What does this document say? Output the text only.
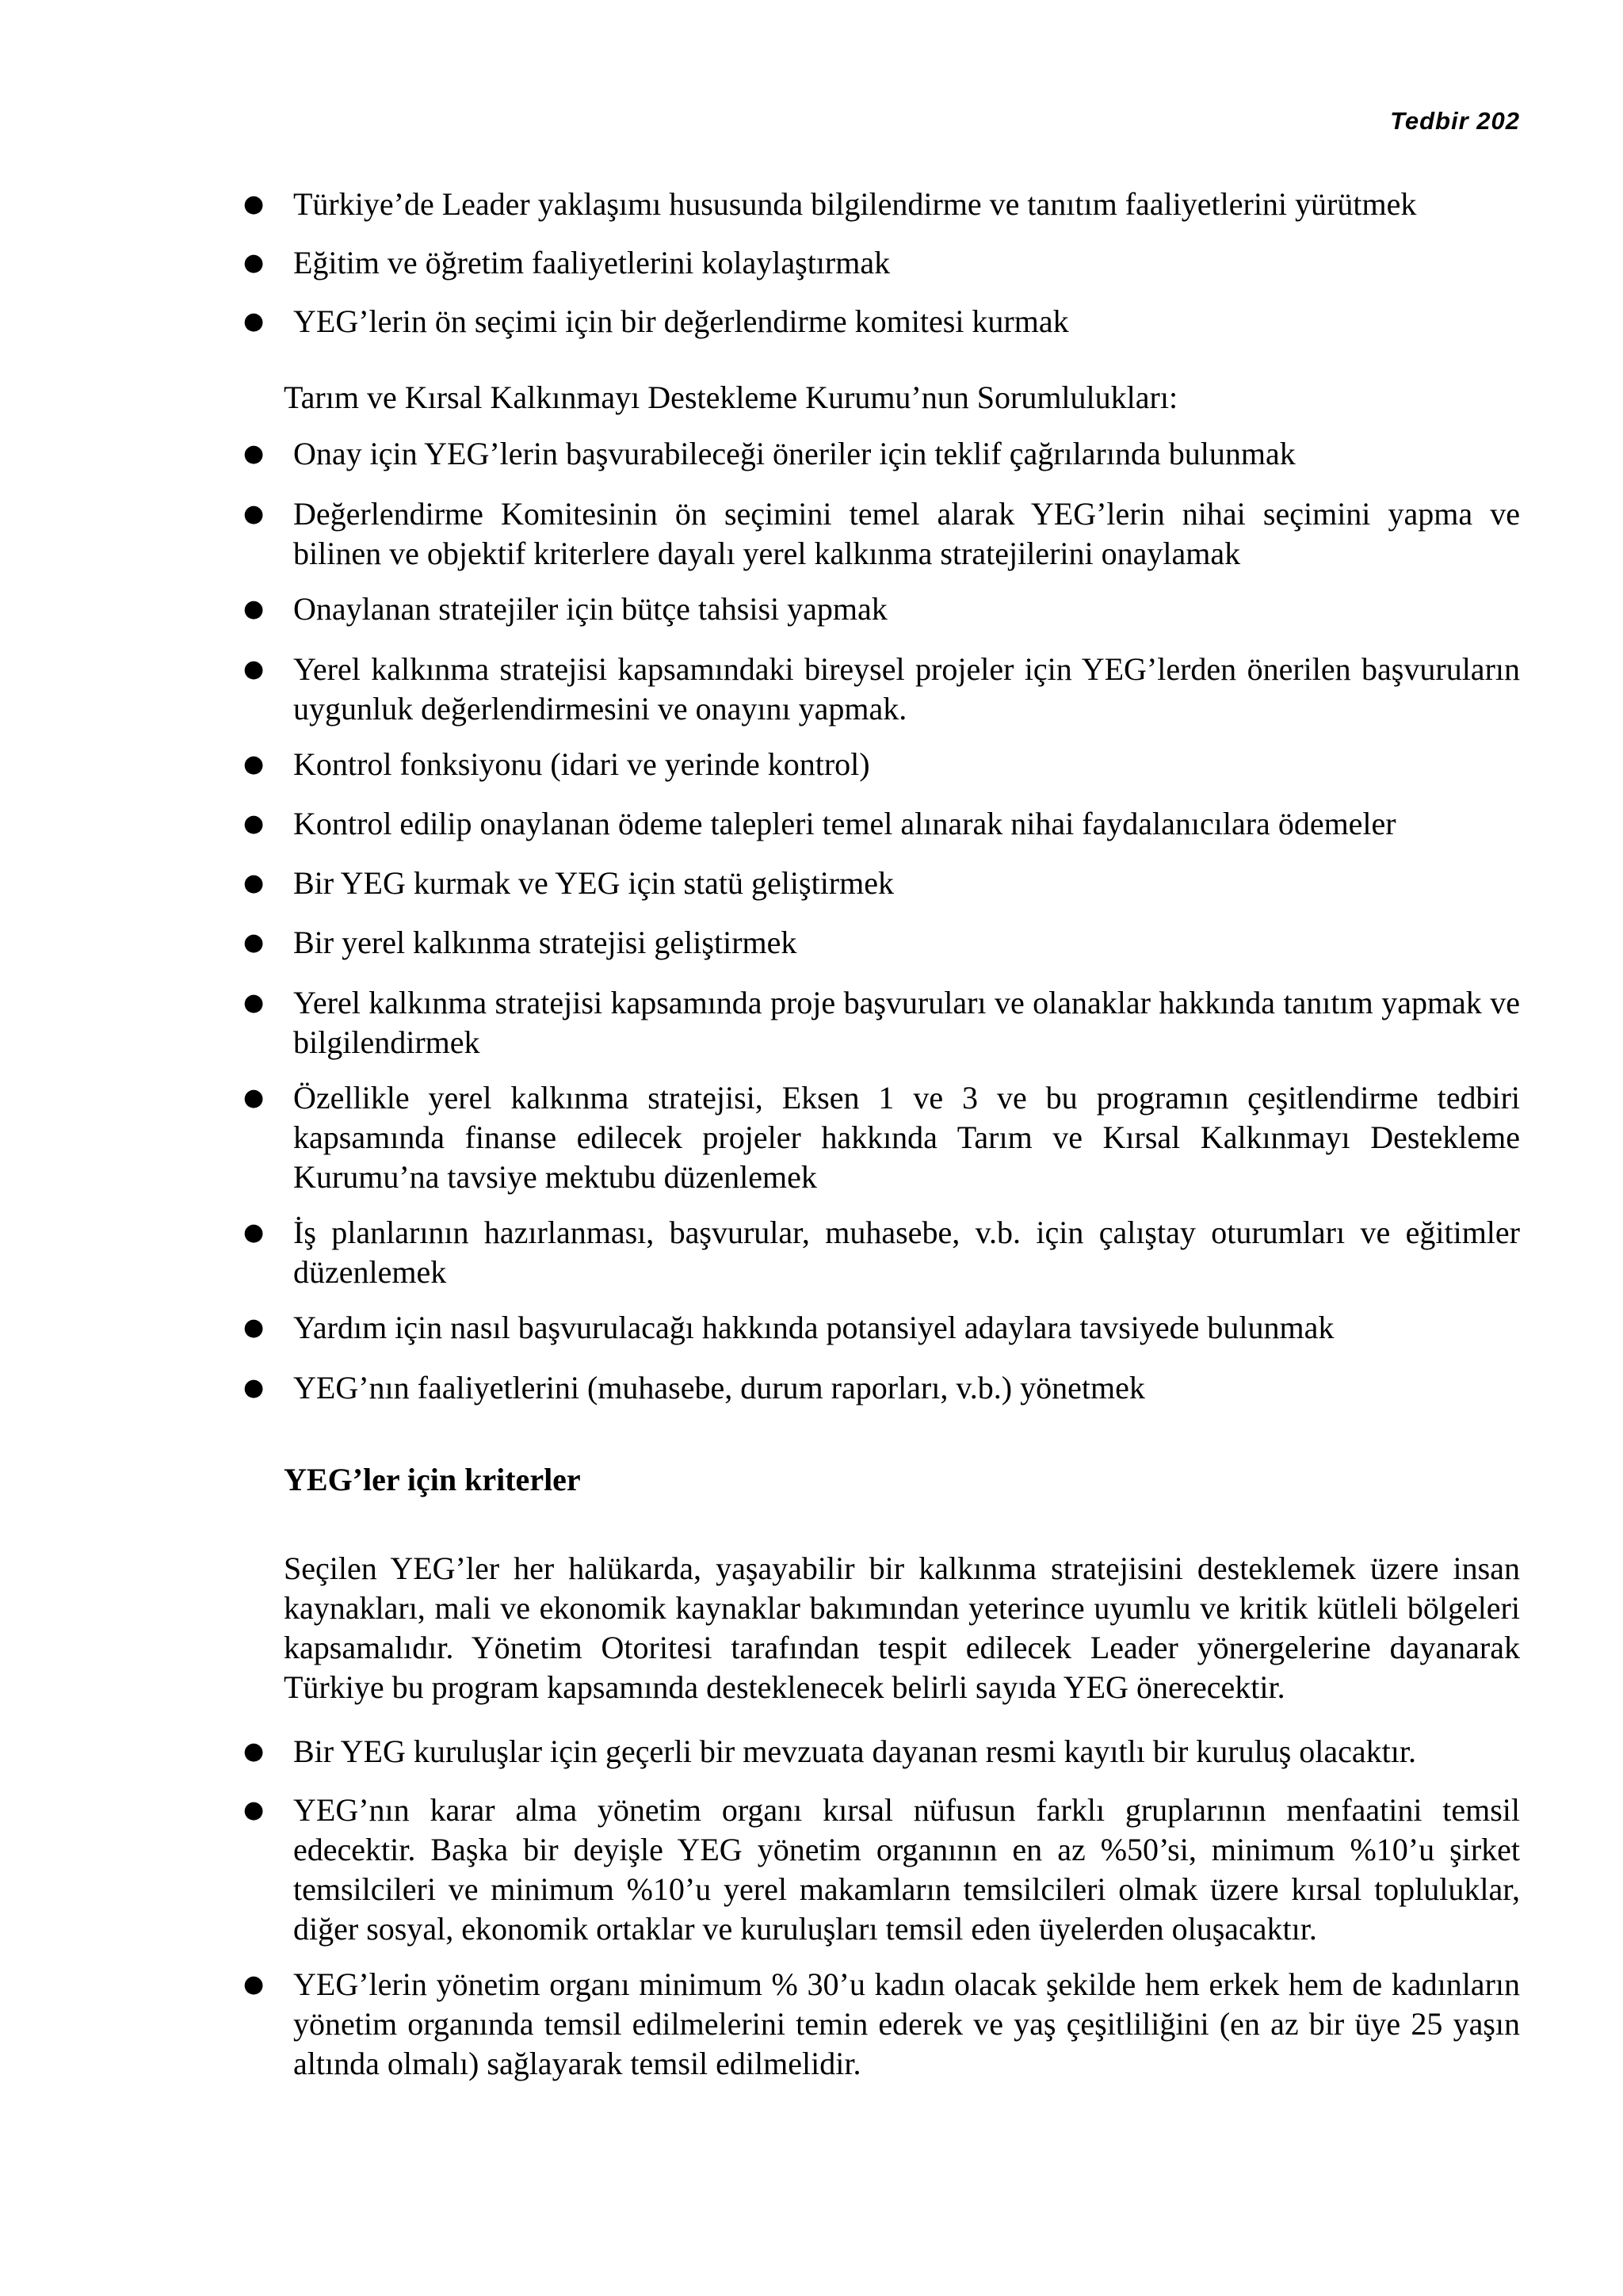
Tedbir 202
● Türkiye’de Leader yaklaşımı hususunda bilgilendirme ve tanıtım faaliyetlerini yürütmek
● Eğitim ve öğretim faaliyetlerini kolaylaştırmak
● YEG’lerin ön seçimi için bir değerlendirme komitesi kurmak

Tarım ve Kırsal Kalkınmayı Destekleme Kurumu’nun Sorumlulukları:

● Onay için YEG’lerin başvurabileceği öneriler için teklif çağrılarında bulunmak
● Değerlendirme Komitesinin ön seçimini temel alarak YEG’lerin nihai seçimini yapma ve bilinen ve objektif kriterlere dayalı yerel kalkınma stratejilerini onaylamak
● Onaylanan stratejiler için bütçe tahsisi yapmak
● Yerel kalkınma stratejisi kapsamındaki bireysel projeler için YEG’lerden önerilen başvuruların uygunluk değerlendirmesini ve onayını yapmak.
● Kontrol fonksiyonu (idari ve yerinde kontrol)
● Kontrol edilip onaylanan ödeme talepleri temel alınarak nihai faydalanıcılara ödemeler
● Bir YEG kurmak ve YEG için statü geliştirmek
● Bir yerel kalkınma stratejisi geliştirmek
● Yerel kalkınma stratejisi kapsamında proje başvuruları ve olanaklar hakkında tanıtım yapmak ve bilgilendirmek
● Özellikle yerel kalkınma stratejisi, Eksen 1 ve 3 ve bu programın çeşitlendirme tedbiri kapsamında finanse edilecek projeler hakkında Tarım ve Kırsal Kalkınmayı Destekleme Kurumu’na tavsiye mektubu düzenlemek
● İş planlarının hazırlanması, başvurular, muhasebe, v.b. için çalıştay oturumları ve eğitimler düzenlemek
● Yardım için nasıl başvurulacağı hakkında potansiyel adaylara tavsiyede bulunmak
● YEG’nın faaliyetlerini (muhasebe, durum raporları, v.b.) yönetmek

YEG’ler için kriterler

Seçilen YEG’ler her halükarda, yaşayabilir bir kalkınma stratejisini desteklemek üzere insan kaynakları, mali ve ekonomik kaynaklar bakımından yeterince uyumlu ve kritik kütleli bölgeleri kapsamalıdır. Yönetim Otoritesi tarafından tespit edilecek Leader yönergelerine dayanarak Türkiye bu program kapsamında desteklenecek belirli sayıda YEG önerecektir.

● Bir YEG kuruluşlar için geçerli bir mevzuata dayanan resmi kayıtlı bir kuruluş olacaktır.
● YEG’nın karar alma yönetim organı kırsal nüfusun farklı gruplarının menfaatini temsil edecektir. Başka bir deyişle YEG yönetim organının en az %50’si, minimum %10’u şirket temsilcileri ve minimum %10’u yerel makamların temsilcileri olmak üzere kırsal topluluklar, diğer sosyal, ekonomik ortaklar ve kuruluşları temsil eden üyelerden oluşacaktır.
● YEG’lerin yönetim organı minimum % 30’u kadın olacak şekilde hem erkek hem de kadınların yönetim organında temsil edilmelerini temin ederek ve yaş çeşitliliğini (en az bir üye 25 yaşın altında olmalı) sağlayarak temsil edilmelidir.
